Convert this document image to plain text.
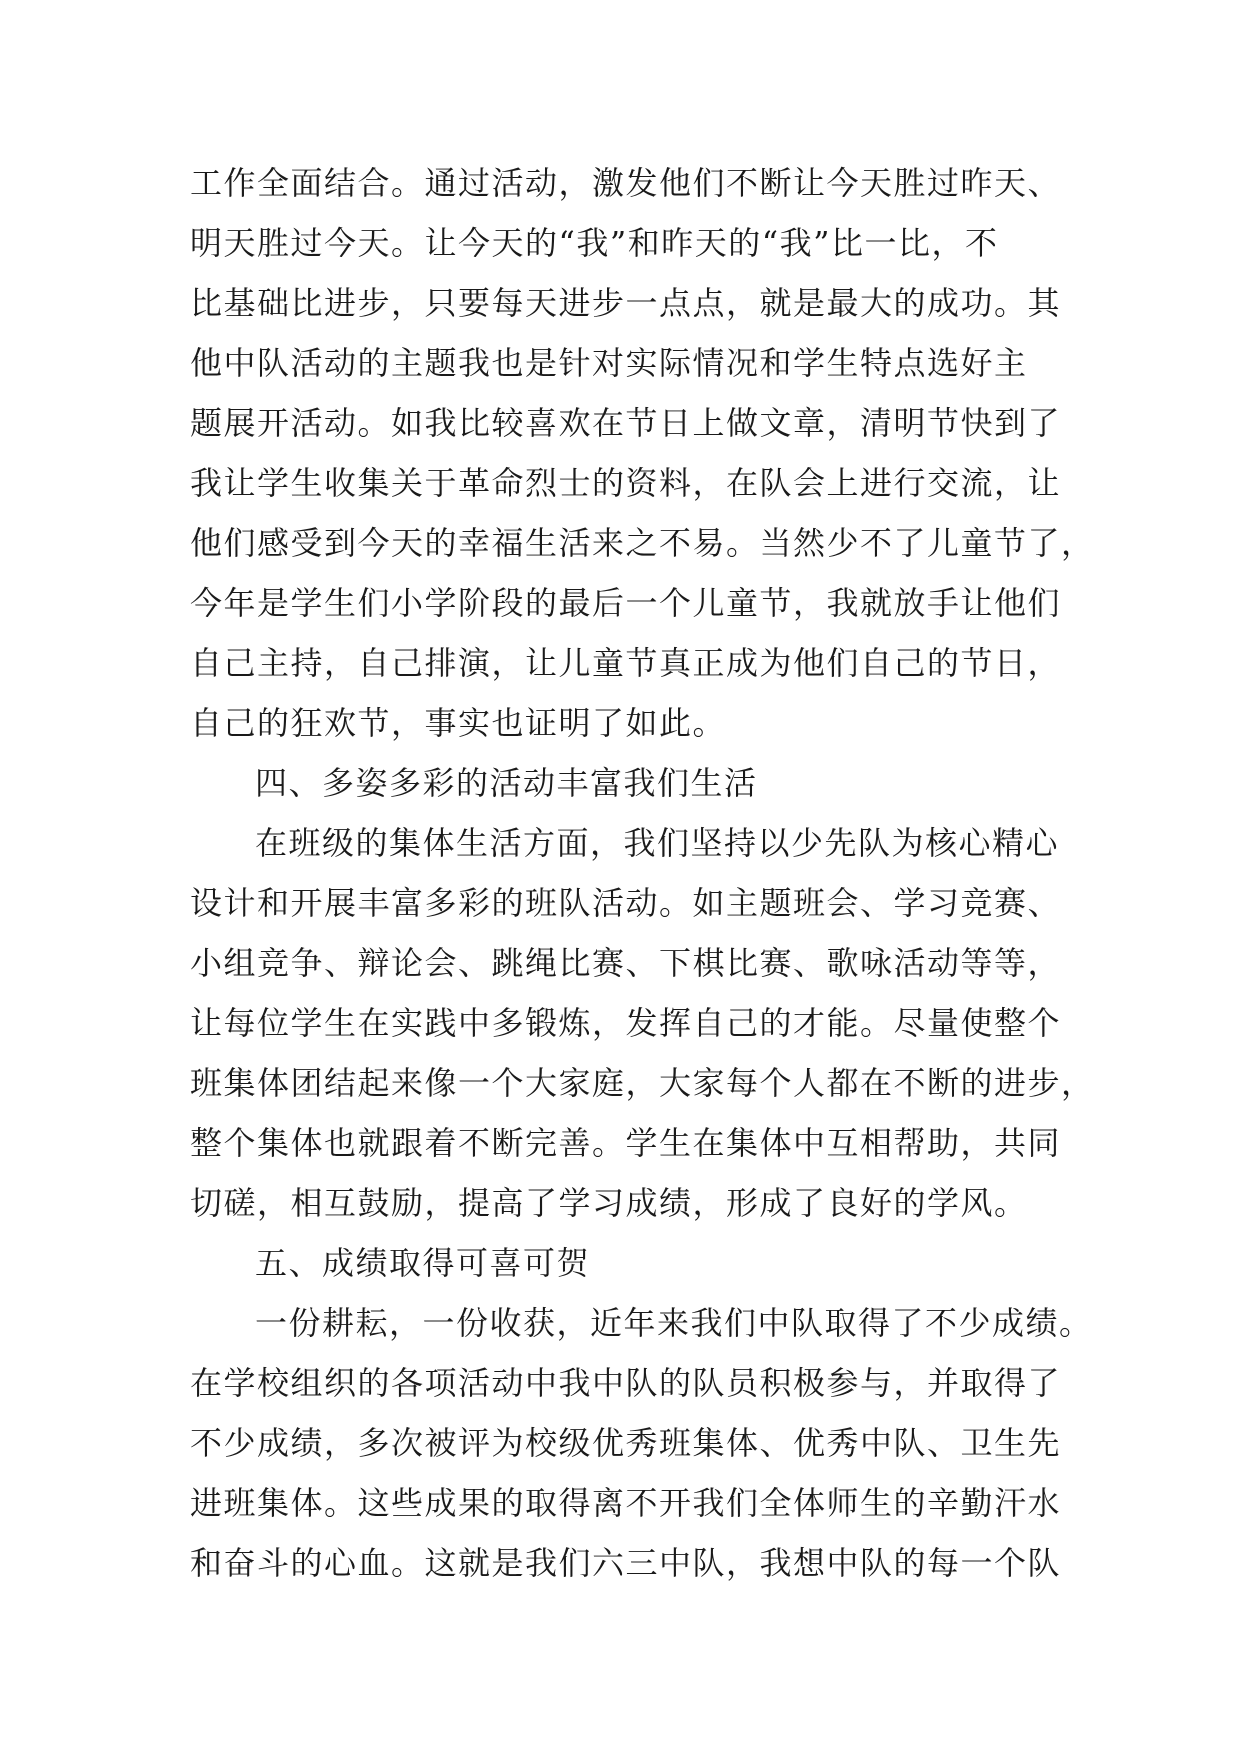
工作全面结合。通过活动，激发他们不断让今天胜过昨天、
明天胜过今天。让今天的“我”和昨天的“我”比一比，不
比基础比进步，只要每天进步一点点，就是最大的成功。其
他中队活动的主题我也是针对实际情况和学生特点选好主
题展开活动。如我比较喜欢在节日上做文章，清明节快到了
我让学生收集关于革命烈士的资料，在队会上进行交流，让
他们感受到今天的幸福生活来之不易。当然少不了儿童节了，
今年是学生们小学阶段的最后一个儿童节，我就放手让他们
自己主持，自己排演，让儿童节真正成为他们自己的节日，
自己的狂欢节，事实也证明了如此。
四、多姿多彩的活动丰富我们生活
在班级的集体生活方面，我们坚持以少先队为核心精心
设计和开展丰富多彩的班队活动。如主题班会、学习竞赛、
小组竞争、辩论会、跳绳比赛、下棋比赛、歌咏活动等等，
让每位学生在实践中多锻炼，发挥自己的才能。尽量使整个
班集体团结起来像一个大家庭，大家每个人都在不断的进步，
整个集体也就跟着不断完善。学生在集体中互相帮助，共同
切磋，相互鼓励，提高了学习成绩，形成了良好的学风。
五、成绩取得可喜可贺
一份耕耘，一份收获，近年来我们中队取得了不少成绩。
在学校组织的各项活动中我中队的队员积极参与，并取得了
不少成绩，多次被评为校级优秀班集体、优秀中队、卫生先
进班集体。这些成果的取得离不开我们全体师生的辛勤汗水
和奋斗的心血。这就是我们六三中队，我想中队的每一个队
